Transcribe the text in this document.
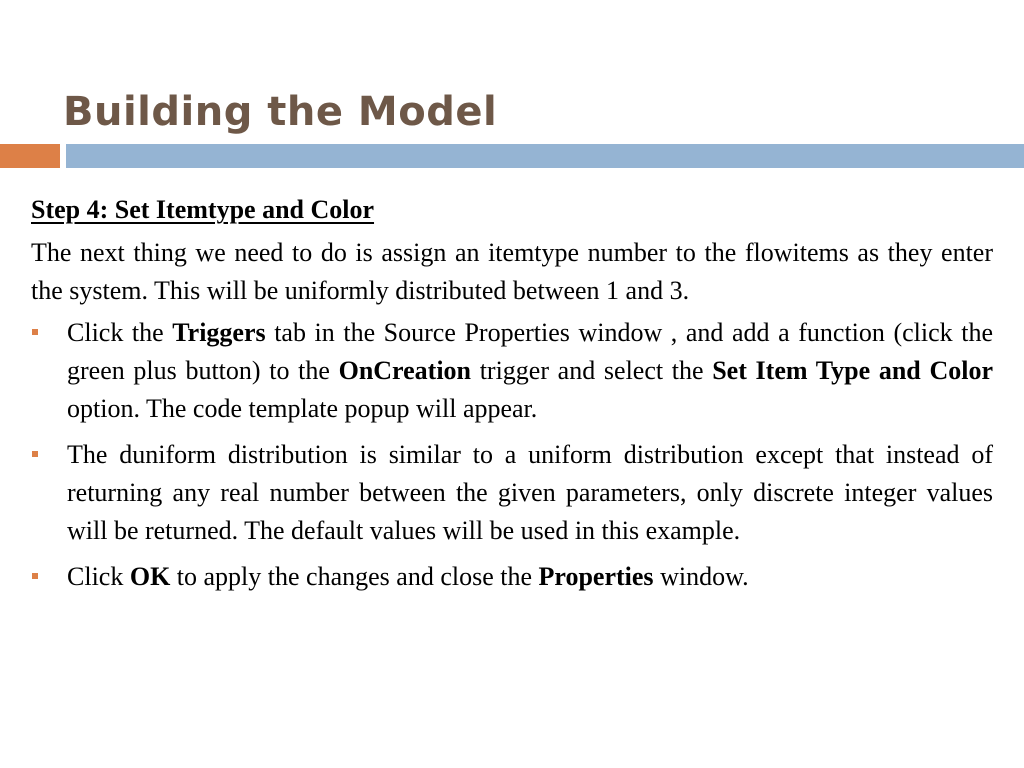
Building the Model
Step 4: Set Itemtype and Color

The next thing we need to do is assign an itemtype number to the flowitems as they enter the system. This will be uniformly distributed between 1 and 3.

Click the Triggers tab in the Source Properties window , and add a function (click the green plus button) to the OnCreation trigger and select the Set Item Type and Color option. The code template popup will appear.
The duniform distribution is similar to a uniform distribution except that instead of returning any real number between the given parameters, only discrete integer values will be returned. The default values will be used in this example.
Click OK to apply the changes and close the Properties window.
